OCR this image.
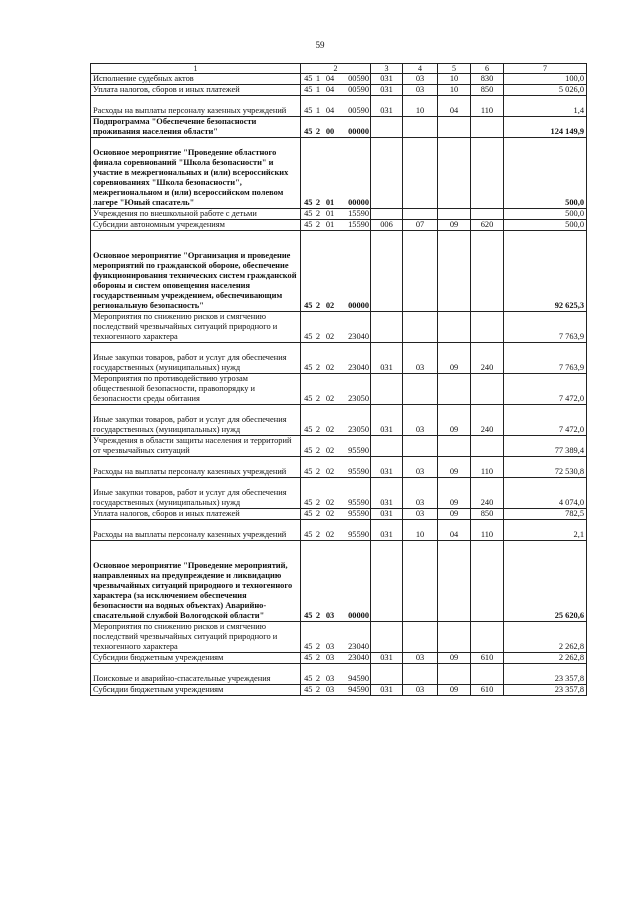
59
1	2				3	4	5	6	7
Исполнение судебных актов	45	1	04	00590	031	03	10	830	100,0
Уплата налогов, сборов и иных платежей	45	1	04	00590	031	03	10	850	5 026,0
Расходы на выплаты персоналу казенных учреждений	45	1	04	00590	031	10	04	110	1,4
Подпрограмма "Обеспечение безопасности проживания населения области"	45	2	00	00000					124 149,9
Основное мероприятие "Проведение областного финала соревнований "Школа безопасности" и участие в межрегиональных и (или) всероссийских соревнованиях "Школа безопасности", межрегиональном и (или) всероссийском полевом лагере "Юный спасатель"	45	2	01	00000					500,0
Учреждения по внешкольной работе с детьми	45	2	01	15590					500,0
Субсидии автономным учреждениям	45	2	01	15590	006	07	09	620	500,0
Основное мероприятие "Организация и проведение мероприятий по гражданской обороне, обеспечение функционирования технических систем гражданской обороны и систем оповещения населения государственным учреждением, обеспечивающим региональную безопасность"	45	2	02	00000					92 625,3
Мероприятия по снижению рисков и смягчению последствий чрезвычайных ситуаций природного и техногенного характера	45	2	02	23040					7 763,9
Иные закупки товаров, работ и услуг для обеспечения государственных (муниципальных) нужд	45	2	02	23040	031	03	09	240	7 763,9
Мероприятия по противодействию угрозам общественной безопасности, правопорядку и безопасности среды обитания	45	2	02	23050					7 472,0
Иные закупки товаров, работ и услуг для обеспечения государственных (муниципальных) нужд	45	2	02	23050	031	03	09	240	7 472,0
Учреждения в области защиты населения и территорий от чрезвычайных ситуаций	45	2	02	95590					77 389,4
Расходы на выплаты персоналу казенных учреждений	45	2	02	95590	031	03	09	110	72 530,8
Иные закупки товаров, работ и услуг для обеспечения государственных (муниципальных) нужд	45	2	02	95590	031	03	09	240	4 074,0
Уплата налогов, сборов и иных платежей	45	2	02	95590	031	03	09	850	782,5
Расходы на выплаты персоналу казенных учреждений	45	2	02	95590	031	10	04	110	2,1
Основное мероприятие "Проведение мероприятий, направленных на предупреждение и ликвидацию чрезвычайных ситуаций природного и техногенного характера (за исключением обеспечения безопасности на водных объектах) Аварийно-спасательной службой Вологодской области"	45	2	03	00000					25 620,6
Мероприятия по снижению рисков и смягчению последствий чрезвычайных ситуаций природного и техногенного характера	45	2	03	23040					2 262,8
Субсидии бюджетным учреждениям	45	2	03	23040	031	03	09	610	2 262,8
Поисковые и аварийно-спасательные учреждения	45	2	03	94590					23 357,8
Субсидии бюджетным учреждениям	45	2	03	94590	031	03	09	610	23 357,8
